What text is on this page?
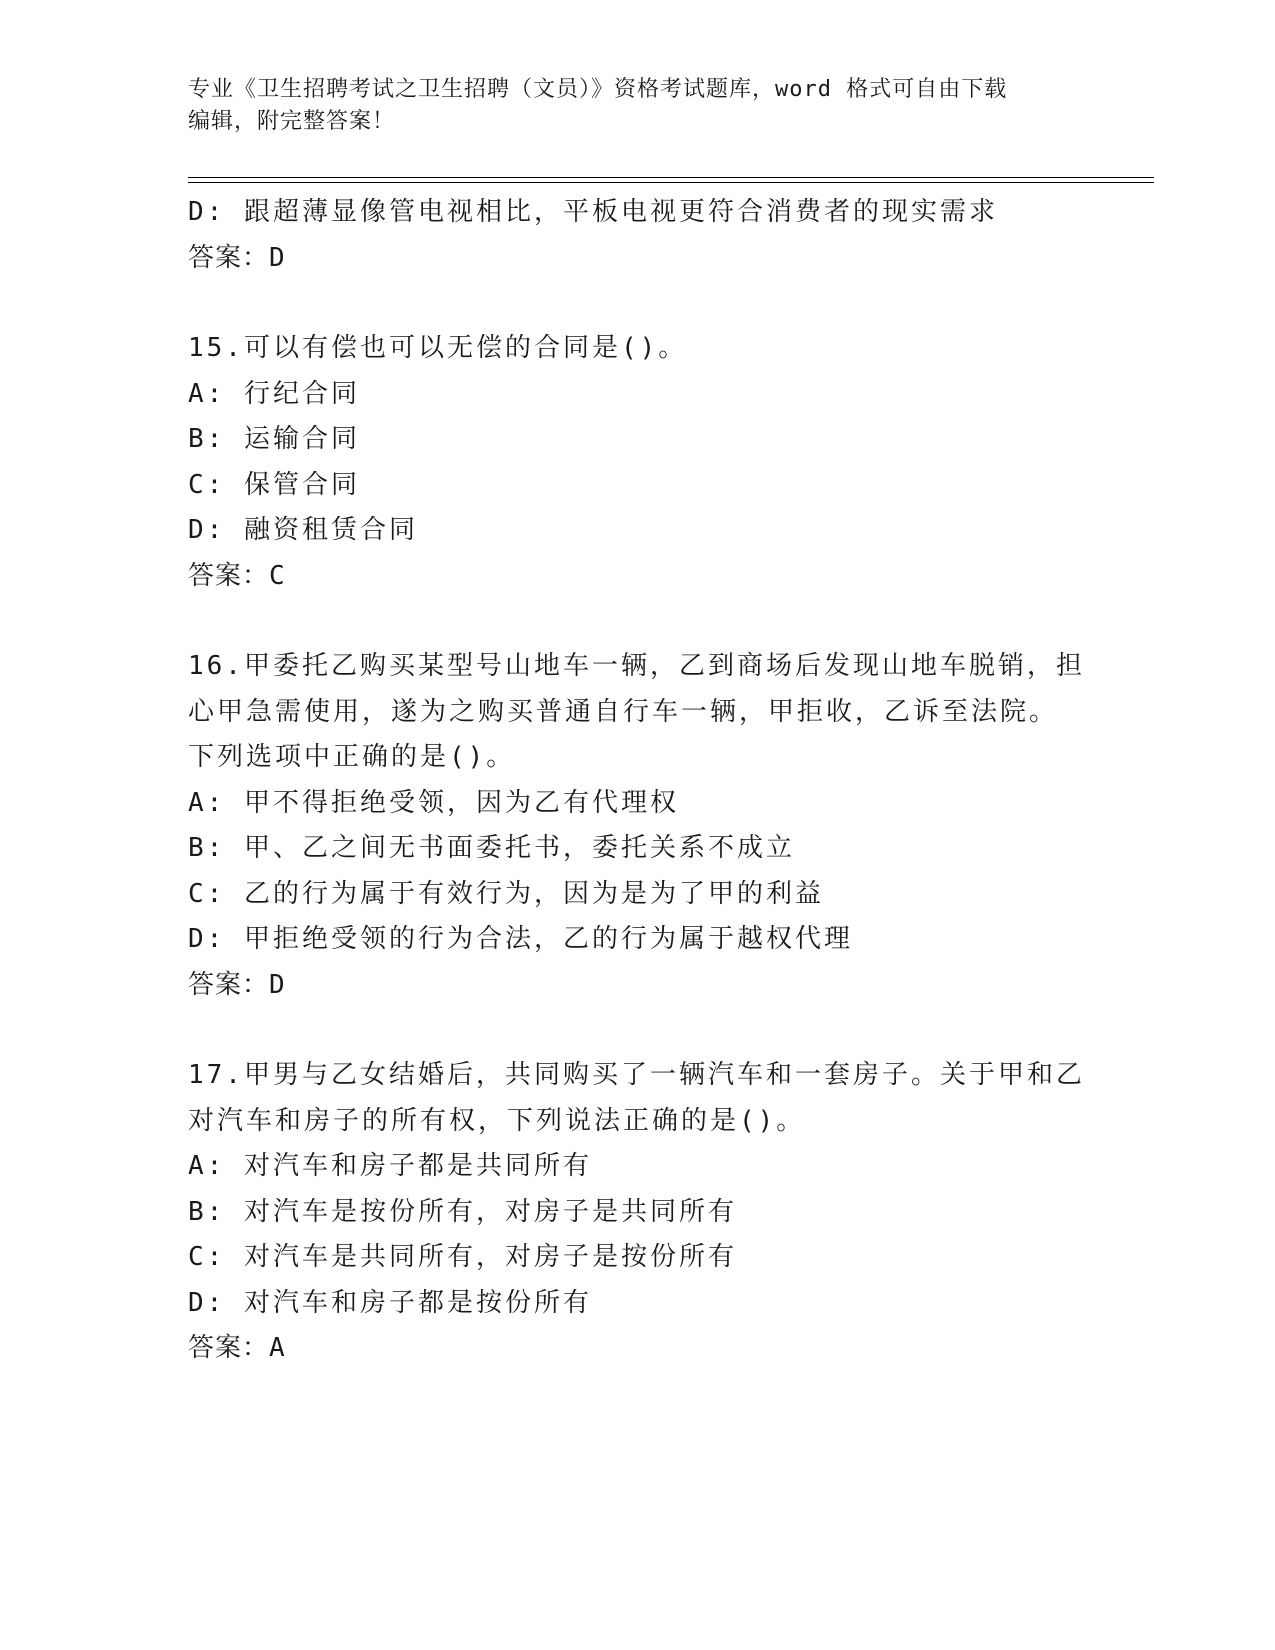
专业《卫生招聘考试之卫生招聘（文员）》资格考试题库，word 格式可自由下载
编辑，附完整答案！
D: 跟超薄显像管电视相比，平板电视更符合消费者的现实需求
答案：D
15.可以有偿也可以无偿的合同是()。
A: 行纪合同
B: 运输合同
C: 保管合同
D: 融资租赁合同
答案：C
16.甲委托乙购买某型号山地车一辆，乙到商场后发现山地车脱销，担
心甲急需使用，遂为之购买普通自行车一辆，甲拒收，乙诉至法院。
下列选项中正确的是()。
A: 甲不得拒绝受领，因为乙有代理权
B: 甲、乙之间无书面委托书，委托关系不成立
C: 乙的行为属于有效行为，因为是为了甲的利益
D: 甲拒绝受领的行为合法，乙的行为属于越权代理
答案：D
17.甲男与乙女结婚后，共同购买了一辆汽车和一套房子。关于甲和乙
对汽车和房子的所有权，下列说法正确的是()。
A: 对汽车和房子都是共同所有
B: 对汽车是按份所有，对房子是共同所有
C: 对汽车是共同所有，对房子是按份所有
D: 对汽车和房子都是按份所有
答案：A
